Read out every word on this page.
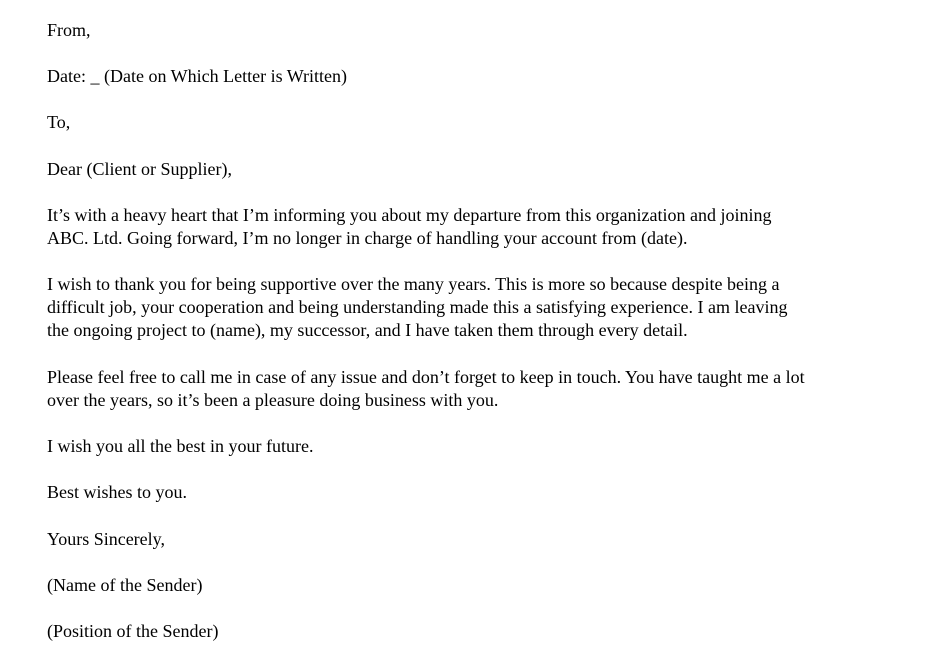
From,

Date: _ (Date on Which Letter is Written)

To,

Dear (Client or Supplier),

It’s with a heavy heart that I’m informing you about my departure from this organization and joining

ABC. Ltd. Going forward, I’m no longer in charge of handling your account from (date).

I wish to thank you for being supportive over the many years. This is more so because despite being a

difficult job, your cooperation and being understanding made this a satisfying experience. I am leaving

the ongoing project to (name), my successor, and I have taken them through every detail.

Please feel free to call me in case of any issue and don’t forget to keep in touch. You have taught me a lot

over the years, so it’s been a pleasure doing business with you.

I wish you all the best in your future.

Best wishes to you.

Yours Sincerely,

(Name of the Sender)

(Position of the Sender)
